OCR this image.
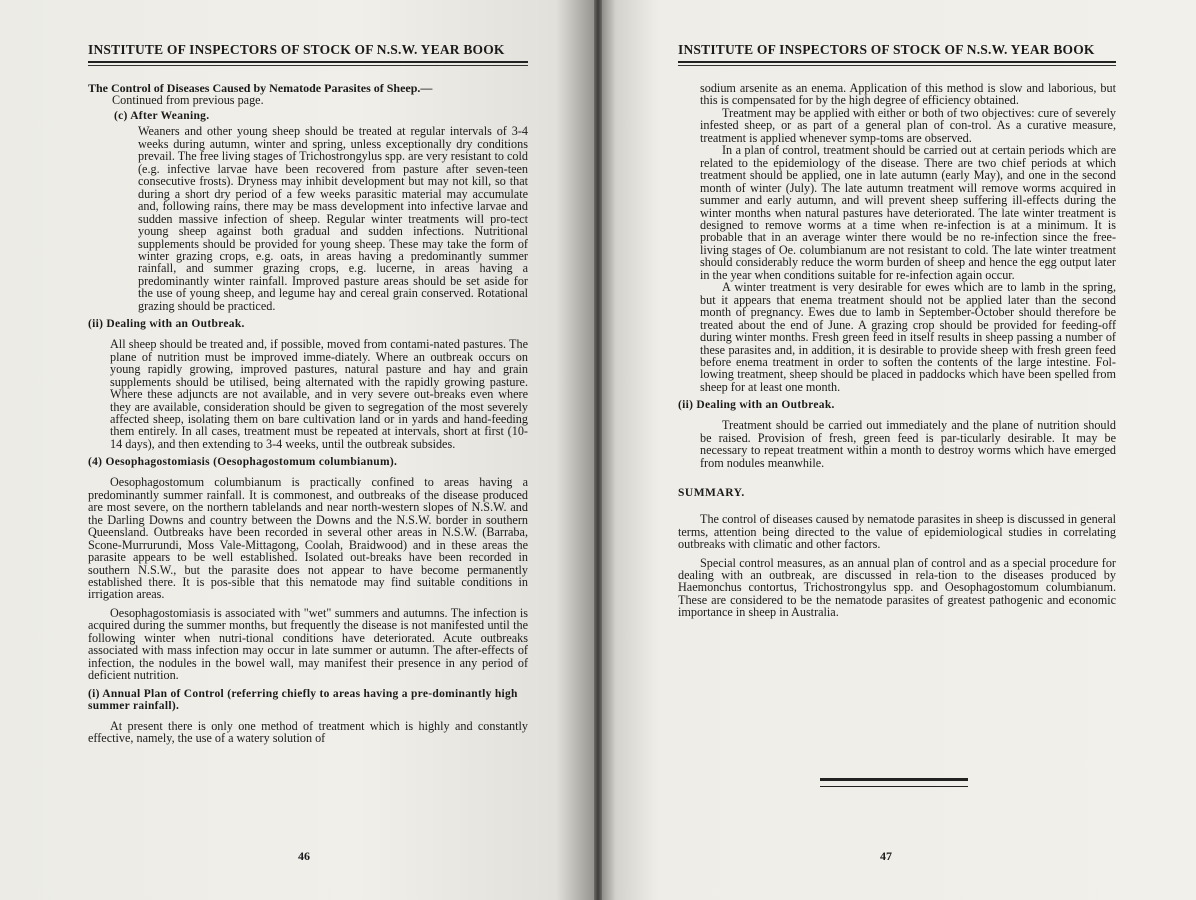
INSTITUTE OF INSPECTORS OF STOCK OF N.S.W. YEAR BOOK

The Control of Diseases Caused by Nematode Parasites of Sheep.—

Continued from previous page.

(c) After Weaning.

Weaners and other young sheep should be treated at regular intervals of 3-4 weeks during autumn, winter and spring, unless exceptionally dry conditions prevail. The free living stages of Trichostrongylus spp. are very resistant to cold (e.g. infective larvae have been recovered from pasture after seven-teen consecutive frosts). Dryness may inhibit development but may not kill, so that during a short dry period of a few weeks parasitic material may accumulate and, following rains, there may be mass development into infective larvae and sudden massive infection of sheep. Regular winter treatments will pro-tect young sheep against both gradual and sudden infections. Nutritional supplements should be provided for young sheep. These may take the form of winter grazing crops, e.g. oats, in areas having a predominantly summer rainfall, and summer grazing crops, e.g. lucerne, in areas having a predominantly winter rainfall. Improved pasture areas should be set aside for the use of young sheep, and legume hay and cereal grain conserved. Rotational grazing should be practiced.

(ii) Dealing with an Outbreak.

All sheep should be treated and, if possible, moved from contami-nated pastures. The plane of nutrition must be improved imme-diately. Where an outbreak occurs on young rapidly growing, improved pastures, natural pasture and hay and grain supplements should be utilised, being alternated with the rapidly growing pasture. Where these adjuncts are not available, and in very severe out-breaks even where they are available, consideration should be given to segregation of the most severely affected sheep, isolating them on bare cultivation land or in yards and hand-feeding them entirely. In all cases, treatment must be repeated at intervals, short at first (10-14 days), and then extending to 3-4 weeks, until the outbreak subsides.

(4) Oesophagostomiasis (Oesophagostomum columbianum).

Oesophagostomum columbianum is practically confined to areas having a predominantly summer rainfall. It is commonest, and outbreaks of the disease produced are most severe, on the northern tablelands and near north-western slopes of N.S.W. and the Darling Downs and country between the Downs and the N.S.W. border in southern Queensland. Outbreaks have been recorded in several other areas in N.S.W. (Barraba, Scone-Murrurundi, Moss Vale-Mittagong, Coolah, Braidwood) and in these areas the parasite appears to be well established. Isolated out-breaks have been recorded in southern N.S.W., but the parasite does not appear to have become permanently established there. It is pos-sible that this nematode may find suitable conditions in irrigation areas.

Oesophagostomiasis is associated with "wet" summers and autumns. The infection is acquired during the summer months, but frequently the disease is not manifested until the following winter when nutri-tional conditions have deteriorated. Acute outbreaks associated with mass infection may occur in late summer or autumn. The after-effects of infection, the nodules in the bowel wall, may manifest their presence in any period of deficient nutrition.

(i) Annual Plan of Control (referring chiefly to areas having a pre-dominantly high summer rainfall).

At present there is only one method of treatment which is highly and constantly effective, namely, the use of a watery solution of

46
INSTITUTE OF INSPECTORS OF STOCK OF N.S.W. YEAR BOOK

sodium arsenite as an enema. Application of this method is slow and laborious, but this is compensated for by the high degree of efficiency obtained.

Treatment may be applied with either or both of two objectives: cure of severely infested sheep, or as part of a general plan of con-trol. As a curative measure, treatment is applied whenever symp-toms are observed.

In a plan of control, treatment should be carried out at certain periods which are related to the epidemiology of the disease. There are two chief periods at which treatment should be applied, one in late autumn (early May), and one in the second month of winter (July). The late autumn treatment will remove worms acquired in summer and early autumn, and will prevent sheep suffering ill-effects during the winter months when natural pastures have deteriorated. The late winter treatment is designed to remove worms at a time when re-infection is at a minimum. It is probable that in an average winter there would be no re-infection since the free-living stages of Oe. columbianum are not resistant to cold. The late winter treatment should considerably reduce the worm burden of sheep and hence the egg output later in the year when conditions suitable for re-infection again occur.

A winter treatment is very desirable for ewes which are to lamb in the spring, but it appears that enema treatment should not be applied later than the second month of pregnancy. Ewes due to lamb in September-October should therefore be treated about the end of June. A grazing crop should be provided for feeding-off during winter months. Fresh green feed in itself results in sheep passing a number of these parasites and, in addition, it is desirable to provide sheep with fresh green feed before enema treatment in order to soften the contents of the large intestine. Fol-lowing treatment, sheep should be placed in paddocks which have been spelled from sheep for at least one month.

(ii) Dealing with an Outbreak.

Treatment should be carried out immediately and the plane of nutrition should be raised. Provision of fresh, green feed is par-ticularly desirable. It may be necessary to repeat treatment within a month to destroy worms which have emerged from nodules meanwhile.

SUMMARY.

The control of diseases caused by nematode parasites in sheep is discussed in general terms, attention being directed to the value of epidemiological studies in correlating outbreaks with climatic and other factors.

Special control measures, as an annual plan of control and as a special procedure for dealing with an outbreak, are discussed in rela-tion to the diseases produced by Haemonchus contortus, Trichostrongylus spp. and Oesophagostomum columbianum. These are considered to be the nematode parasites of greatest pathogenic and economic importance in sheep in Australia.

47
